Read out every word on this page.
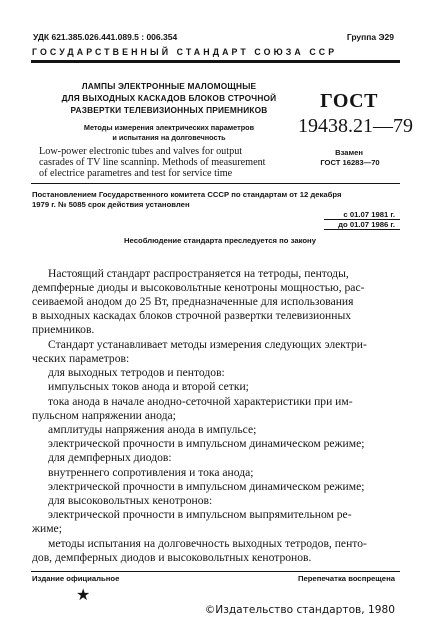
УДК 621.385.026.441.089.5 : 006.354	Группа Э29
ГОСУДАРСТВЕННЫЙ СТАНДАРТ СОЮЗА ССР
ЛАМПЫ ЭЛЕКТРОННЫЕ МАЛОМОЩНЫЕ
ДЛЯ ВЫХОДНЫХ КАСКАДОВ БЛОКОВ СТРОЧНОЙ
РАЗВЕРТКИ ТЕЛЕВИЗИОННЫХ ПРИЕМНИКОВ
Методы измерения электрических параметров
и испытания на долговечность
Low-power electronic tubes and valves for output
casrades of TV line scanninp. Methods of measurement
of electrice parametres and test for service time
ГОСТ
19438.21—79
Взамен
ГОСТ 16283—70
Постановлением Государственного комитета СССР по стандартам от 12 декабря
1979 г. № 5085 срок действия установлен
с 01.07 1981 г.
до 01.07 1986 г.
Несоблюдение стандарта преследуется по закону
Настоящий стандарт распространяется на тетроды, пентоды,
демпферные диоды и высоковольтные кенотроны мощностью, рас-
сеиваемой анодом до 25 Вт, предназначенные для использования
в выходных каскадах блоков строчной развертки телевизионных
приемников.
Стандарт устанавливает методы измерения следующих электри-
ческих параметров:
для выходных тетродов и пентодов:
импульсных токов анода и второй сетки;
тока анода в начале анодно-сеточной характеристики при им-
пульсном напряжении анода;
амплитуды напряжения анода в импульсе;
электрической прочности в импульсном динамическом режиме;
для демпферных диодов:
внутреннего сопротивления и тока анода;
электрической прочности в импульсном динамическом режиме;
для высоковольтных кенотронов:
электрической прочности в импульсном выпрямительном ре-
жиме;
методы испытания на долговечность выходных тетродов, пенто-
дов, демпферных диодов и высоковольтных кенотронов.
Издание официальное	Перепечатка воспрещена
★
©Издательство стандартов, 1980
